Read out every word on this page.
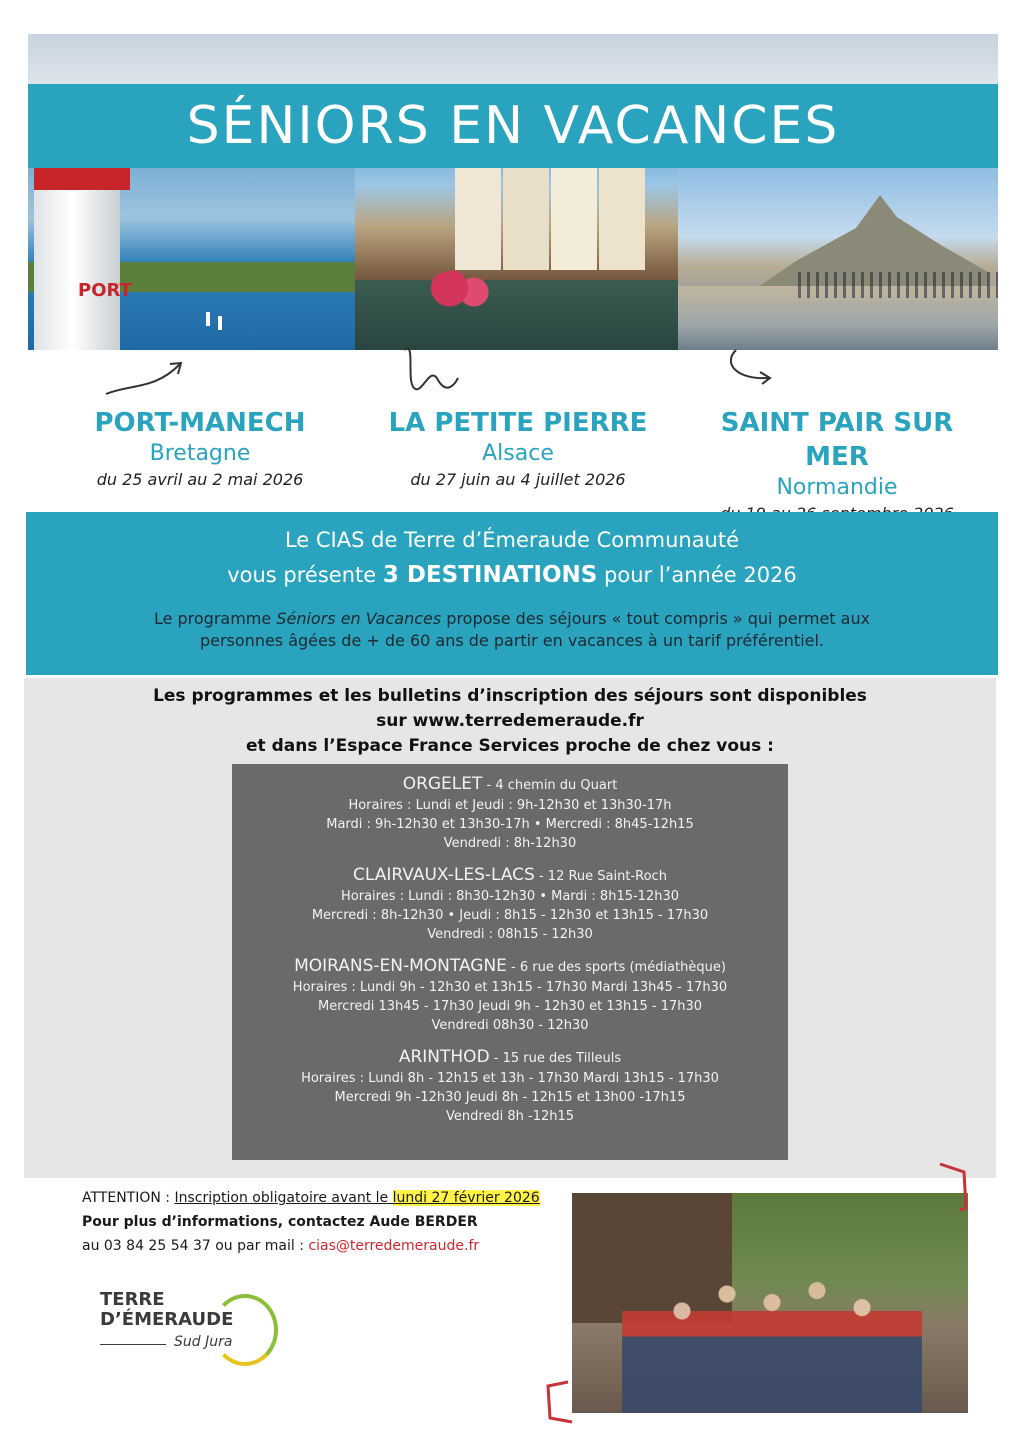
PORT
SÉNIORS EN VACANCES
PORT-MANECH
Bretagne
du 25 avril au 2 mai 2026
LA PETITE PIERRE
Alsace
du 27 juin au 4 juillet 2026
SAINT PAIR SUR MER
Normandie
Le CIAS de Terre d’Émeraude Communauté
vous présente 3 DESTINATIONS pour l’année 2026
Le programme Séniors en Vacances propose des séjours « tout compris » qui permet aux
personnes âgées de + de 60 ans de partir en vacances à un tarif préférentiel.
Les programmes et les bulletins d’inscription des séjours sont disponibles
sur www.terredemeraude.fr
et dans l’Espace France Services proche de chez vous :
ORGELET - 4 chemin du Quart
Horaires : Lundi et Jeudi : 9h-12h30 et 13h30-17h
Mardi : 9h-12h30 et 13h30-17h • Mercredi : 8h45-12h15
Vendredi : 8h-12h30
CLAIRVAUX-LES-LACS - 12 Rue Saint-Roch
Horaires : Lundi : 8h30-12h30 • Mardi : 8h15-12h30
Mercredi : 8h-12h30 • Jeudi : 8h15 - 12h30 et 13h15 - 17h30
Vendredi : 08h15 - 12h30
MOIRANS-EN-MONTAGNE - 6 rue des sports (médiathèque)
Horaires : Lundi 9h - 12h30 et 13h15 - 17h30 Mardi 13h45 - 17h30
Mercredi 13h45 - 17h30 Jeudi 9h - 12h30 et 13h15 - 17h30
Vendredi 08h30 - 12h30
ARINTHOD - 15 rue des Tilleuls
Horaires : Lundi 8h - 12h15 et 13h - 17h30 Mardi 13h15 - 17h30
Mercredi 9h -12h30 Jeudi 8h - 12h15 et 13h00 -17h15
Vendredi 8h -12h15
ATTENTION : Inscription obligatoire avant le lundi 27 février 2026
Pour plus d’informations, contactez Aude BERDER
au 03 84 25 54 37 ou par mail : cias@terredemeraude.fr
TERRE
D’ÉMERAUDE
Sud Jura
